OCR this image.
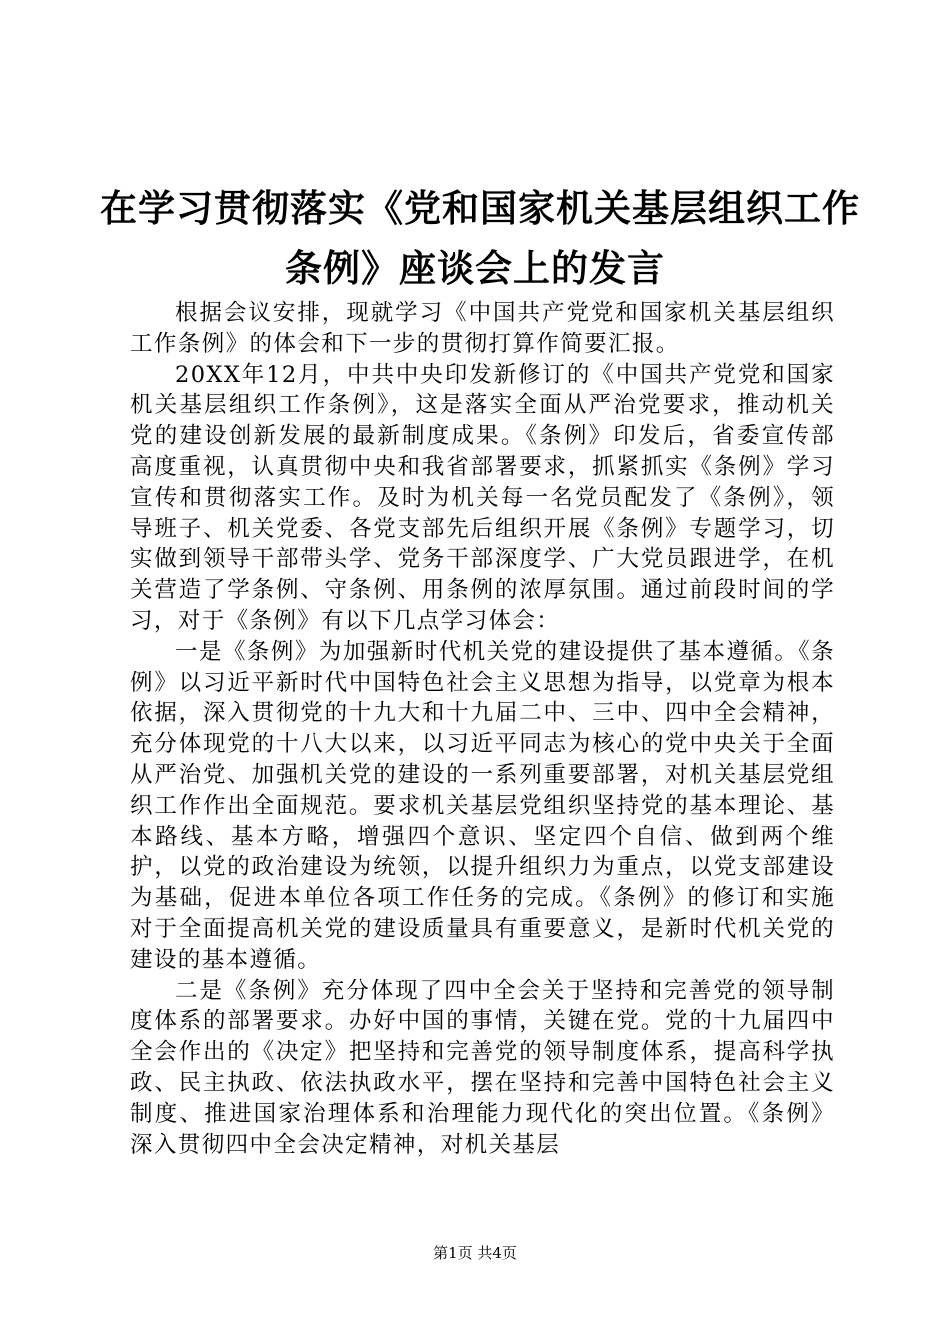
在学习贯彻落实《党和国家机关基层组织工作
条例》座谈会上的发言

根据会议安排，现就学习《中国共产党党和国家机关基层组织工作条例》的体会和下一步的贯彻打算作简要汇报。

20XX年12月，中共中央印发新修订的《中国共产党党和国家机关基层组织工作条例》，这是落实全面从严治党要求，推动机关党的建设创新发展的最新制度成果。《条例》印发后，省委宣传部高度重视，认真贯彻中央和我省部署要求，抓紧抓实《条例》学习宣传和贯彻落实工作。及时为机关每一名党员配发了《条例》，领导班子、机关党委、各党支部先后组织开展《条例》专题学习，切实做到领导干部带头学、党务干部深度学、广大党员跟进学，在机关营造了学条例、守条例、用条例的浓厚氛围。通过前段时间的学习，对于《条例》有以下几点学习体会：

一是《条例》为加强新时代机关党的建设提供了基本遵循。《条例》以习近平新时代中国特色社会主义思想为指导，以党章为根本依据，深入贯彻党的十九大和十九届二中、三中、四中全会精神，充分体现党的十八大以来，以习近平同志为核心的党中央关于全面从严治党、加强机关党的建设的一系列重要部署，对机关基层党组织工作作出全面规范。要求机关基层党组织坚持党的基本理论、基本路线、基本方略，增强四个意识、坚定四个自信、做到两个维护，以党的政治建设为统领，以提升组织力为重点，以党支部建设为基础，促进本单位各项工作任务的完成。《条例》的修订和实施对于全面提高机关党的建设质量具有重要意义，是新时代机关党的建设的基本遵循。

二是《条例》充分体现了四中全会关于坚持和完善党的领导制度体系的部署要求。办好中国的事情，关键在党。党的十九届四中全会作出的《决定》把坚持和完善党的领导制度体系，提高科学执政、民主执政、依法执政水平，摆在坚持和完善中国特色社会主义制度、推进国家治理体系和治理能力现代化的突出位置。《条例》深入贯彻四中全会决定精神，对机关基层

第1页 共4页
